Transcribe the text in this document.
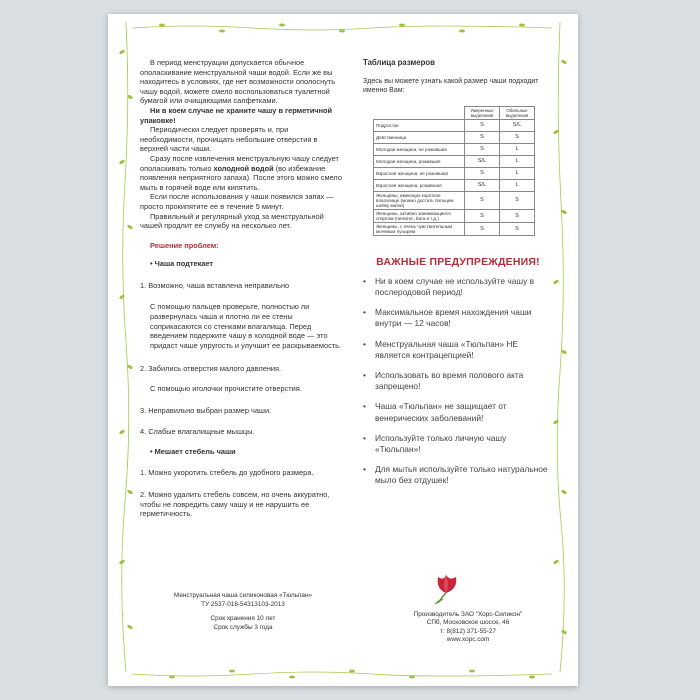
В период менструации допускается обычное ополаскивание менструальной чаши водой. Если же вы находитесь в условиях, где нет возможности ополоснуть чашу водой, можете смело воспользоваться туалетной бумагой или очищающими салфетками.

Ни в коем случае не храните чашу в герметичной упаковке!

Периодически следует проверять и, при необходимости, прочищать небольшие отверстия в верхней части чаши.

Сразу после извлечения менструальную чашу следует ополаскивать только холодной водой (во избежание появления неприятного запаха). После этого можно смело мыть в горячей воде или кипятить.

Если после использования у чаши появился запах — просто прокипятите ее в течение 5 минут.

Правильный и регулярный уход за менструальной чашей продлит ее службу на несколько лет.

Решение проблем:
• Чаша подтекает
1. Возможно, чаша вставлена неправильно
С помощью пальцев проверьте, полностью ли развернулась чаша и плотно ли ее стены соприкасаются со стенками влагалища. Перед введением подержите чашу в холодной воде — это придаст чаше упругость и улучшит ее раскрываемость.
2. Забились отверстия малого давления.
С помощью иголочки прочистите отверстия.
3. Неправильно выбран размер чаши.
4. Слабые влагалищные мышцы.
• Мешает стебель чаши
1. Можно укоротить стебель до удобного размера.
2. Можно удалить стебель совсем, но очень аккуратно, чтобы не повредить саму чашу и не нарушить ее герметичность.
Таблица размеров
Здесь вы можете узнать какой размер чаши подходит именно Вам:
	Умеренные выделения	Обильные выделения
Подростки	S	S/L
Девственница	S	S
Молодая женщина, не рожавшая	S	L
Молодая женщина, рожавшая	S/L	L
Взрослая женщина, не рожавшая	S	L
Взрослая женщина, рожавшая	S/L	L
Женщины, имеющих короткое влагалище (можно достать пальцем шейку матки)	S	S
Женщины, активно занимающиеся спортом (пилатес, йога и т.д.)	S	S
Женщины, с очень чувствительным мочевым пузырем	S	S
ВАЖНЫЕ ПРЕДУПРЕЖДЕНИЯ!
•	Ни в коем случае не используйте чашу в послеродовой период!
•	Максимальное время нахождения чаши внутри — 12 часов!
•	Менструальная чаша «Тюльпан» НЕ является контрацепцией!
•	Использовать во время полового акта запрещено!
•	Чаша «Тюльпан» не защищает от венерических заболеваний!
•	Используйте только личную чашу «Тюльпан»!
•	Для мытья используйте только натуральное мыло без отдушек!
Менструальная чаша силиконовая «Тюльпан»
ТУ 2537-018-54313103-2013
Срок хранения 10 лет
Срок службы 3 года
Производитель ЗАО "Хорс-Силикон"
СПб, Московское шоссе, 46
т: 8(812) 371-55-27
www.хорс.com
